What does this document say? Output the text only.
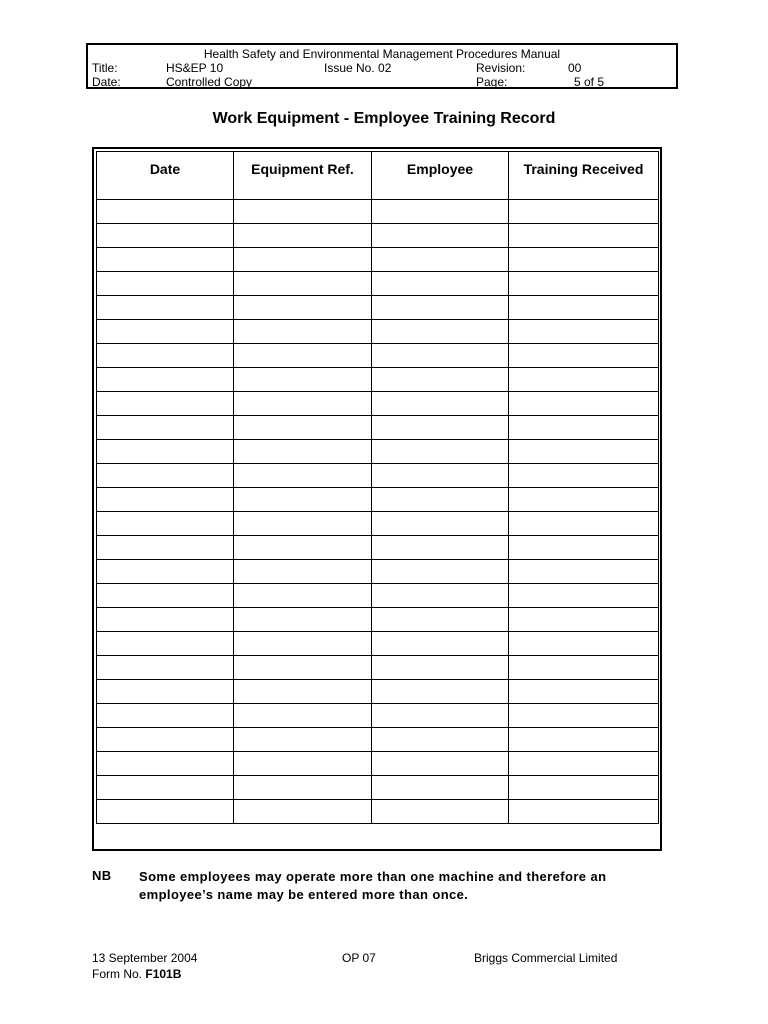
Health Safety and Environmental Management Procedures Manual
Title:	HS&EP 10	Issue No. 02	Revision:	00
Date:	Controlled Copy	Page:	5 of 5
Work Equipment - Employee Training Record
Date	Equipment Ref.	Employee	Training Received

NB Some employees may operate more than one machine and therefore an employee’s name may be entered more than once.
13 September 2004	OP 07	Briggs Commercial Limited
Form No. F101B
